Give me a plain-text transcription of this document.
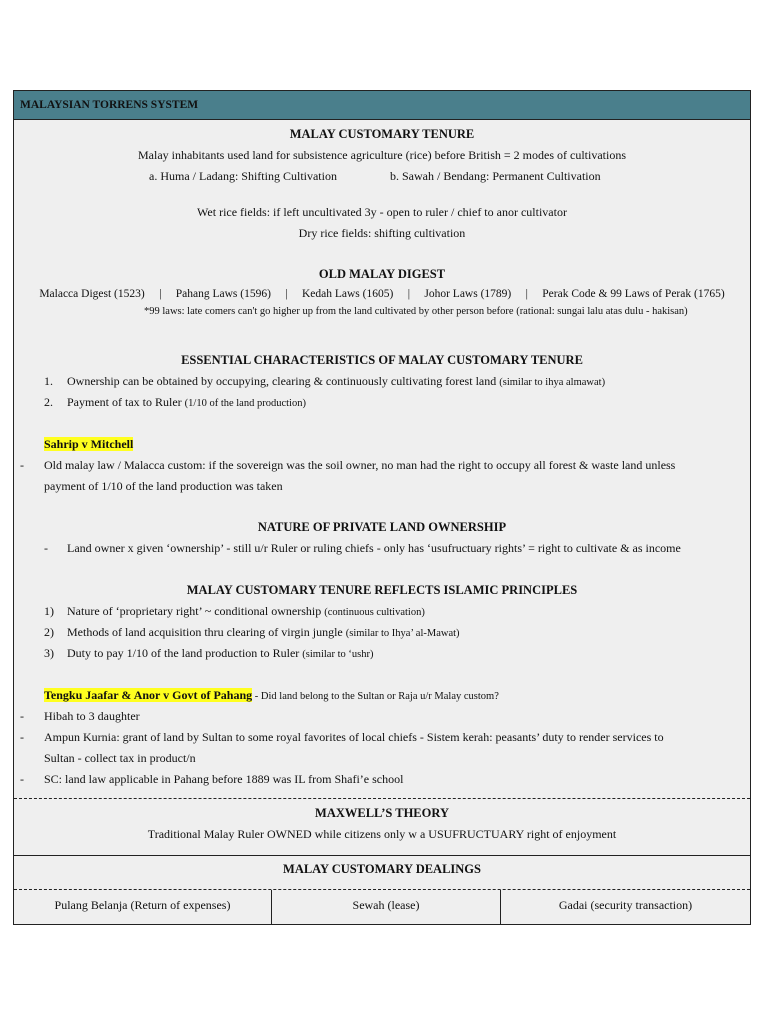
MALAYSIAN TORRENS SYSTEM
MALAY CUSTOMARY TENURE
Malay inhabitants used land for subsistence agriculture (rice) before British = 2 modes of cultivations
a. Huma / Ladang: Shifting Cultivation	b. Sawah / Bendang: Permanent Cultivation
Wet rice fields: if left uncultivated 3y - open to ruler / chief to anor cultivator
Dry rice fields: shifting cultivation
OLD MALAY DIGEST
Malacca Digest (1523)     |     Pahang Laws (1596)     |     Kedah Laws (1605)     |     Johor Laws (1789)     |     Perak Code & 99 Laws of Perak (1765)
*99 laws: late comers can't go higher up from the land cultivated by other person before (rational: sungai lalu atas dulu - hakisan)
ESSENTIAL CHARACTERISTICS OF MALAY CUSTOMARY TENURE
1. Ownership can be obtained by occupying, clearing & continuously cultivating forest land (similar to ihya almawat)
2. Payment of tax to Ruler (1/10 of the land production)
Sahrip v Mitchell
- Old malay law / Malacca custom: if the sovereign was the soil owner, no man had the right to occupy all forest & waste land unless
payment of 1/10 of the land production was taken
NATURE OF PRIVATE LAND OWNERSHIP
- Land owner x given ‘ownership’ - still u/r Ruler or ruling chiefs - only has ‘usufructuary rights’ = right to cultivate & as income
MALAY CUSTOMARY TENURE REFLECTS ISLAMIC PRINCIPLES
1) Nature of ‘proprietary right’ ~ conditional ownership (continuous cultivation)
2) Methods of land acquisition thru clearing of virgin jungle (similar to Ihya’ al-Mawat)
3) Duty to pay 1/10 of the land production to Ruler (similar to ‘ushr)
Tengku Jaafar & Anor v Govt of Pahang - Did land belong to the Sultan or Raja u/r Malay custom?
- Hibah to 3 daughter
- Ampun Kurnia: grant of land by Sultan to some royal favorites of local chiefs - Sistem kerah: peasants’ duty to render services to
Sultan - collect tax in product/n
- SC: land law applicable in Pahang before 1889 was IL from Shafi’e school
MAXWELL’S THEORY
Traditional Malay Ruler OWNED while citizens only w a USUFRUCTUARY right of enjoyment
MALAY CUSTOMARY DEALINGS
Pulang Belanja (Return of expenses)	Sewah (lease)	Gadai (security transaction)
